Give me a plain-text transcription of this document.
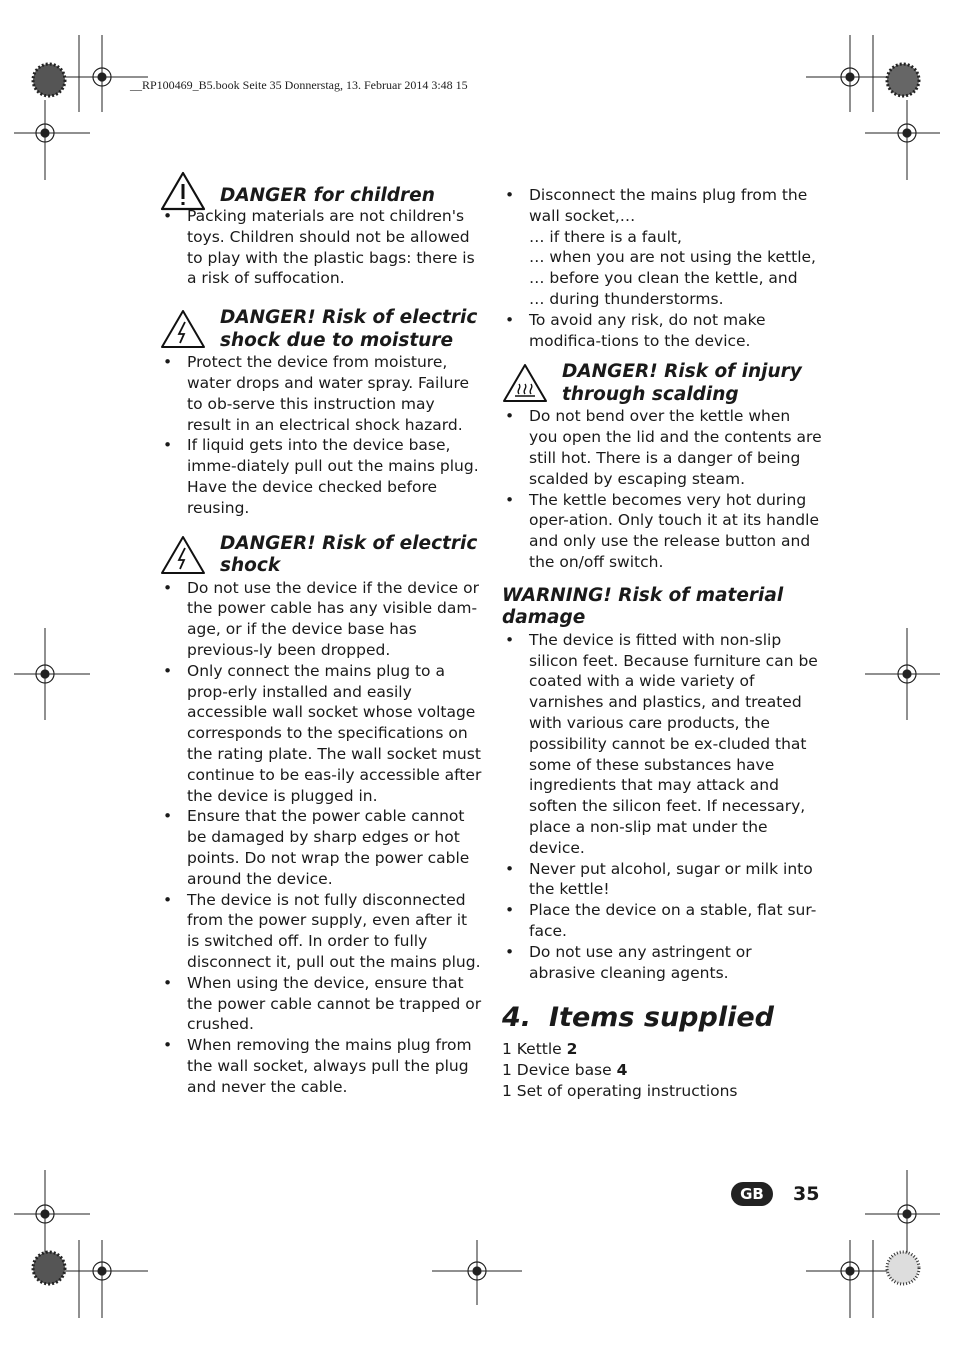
__RP100469_B5.book Seite 35 Donnerstag, 13. Februar 2014 3:48 15
DANGER for children
• Packing materials are not children's toys. Children should not be allowed to play with the plastic bags: there is a risk of suffocation.
DANGER! Risk of electric
shock due to moisture
• Protect the device from moisture, water drops and water spray. Failure to ob-serve this instruction may result in an electrical shock hazard.
• If liquid gets into the device base, imme-diately pull out the mains plug. Have the device checked before reusing.
DANGER! Risk of electric
shock
• Do not use the device if the device or the power cable has any visible dam-age, or if the device base has previous-ly been dropped.
• Only connect the mains plug to a prop-erly installed and easily accessible wall socket whose voltage corresponds to the specifications on the rating plate. The wall socket must continue to be eas-ily accessible after the device is plugged in.
• Ensure that the power cable cannot be damaged by sharp edges or hot points. Do not wrap the power cable around the device.
• The device is not fully disconnected from the power supply, even after it is switched off. In order to fully disconnect it, pull out the mains plug.
• When using the device, ensure that the power cable cannot be trapped or crushed.
• When removing the mains plug from the wall socket, always pull the plug and never the cable.
• Disconnect the mains plug from the wall socket,…
… if there is a fault,
… when you are not using the kettle,
… before you clean the kettle, and
… during thunderstorms.
• To avoid any risk, do not make modifica-tions to the device.
DANGER! Risk of injury
through scalding
• Do not bend over the kettle when you open the lid and the contents are still hot. There is a danger of being scalded by escaping steam.
• The kettle becomes very hot during oper-ation. Only touch it at its handle and only use the release button and the on/off switch.
WARNING! Risk of material
damage
• The device is fitted with non-slip silicon feet. Because furniture can be coated with a wide variety of varnishes and plastics, and treated with various care products, the possibility cannot be ex-cluded that some of these substances have ingredients that may attack and soften the silicon feet. If necessary, place a non-slip mat under the device.
• Never put alcohol, sugar or milk into the kettle!
• Place the device on a stable, flat sur-face.
• Do not use any astringent or abrasive cleaning agents.
4. Items supplied
1 Kettle 2
1 Device base 4
1 Set of operating instructions
GB	35
